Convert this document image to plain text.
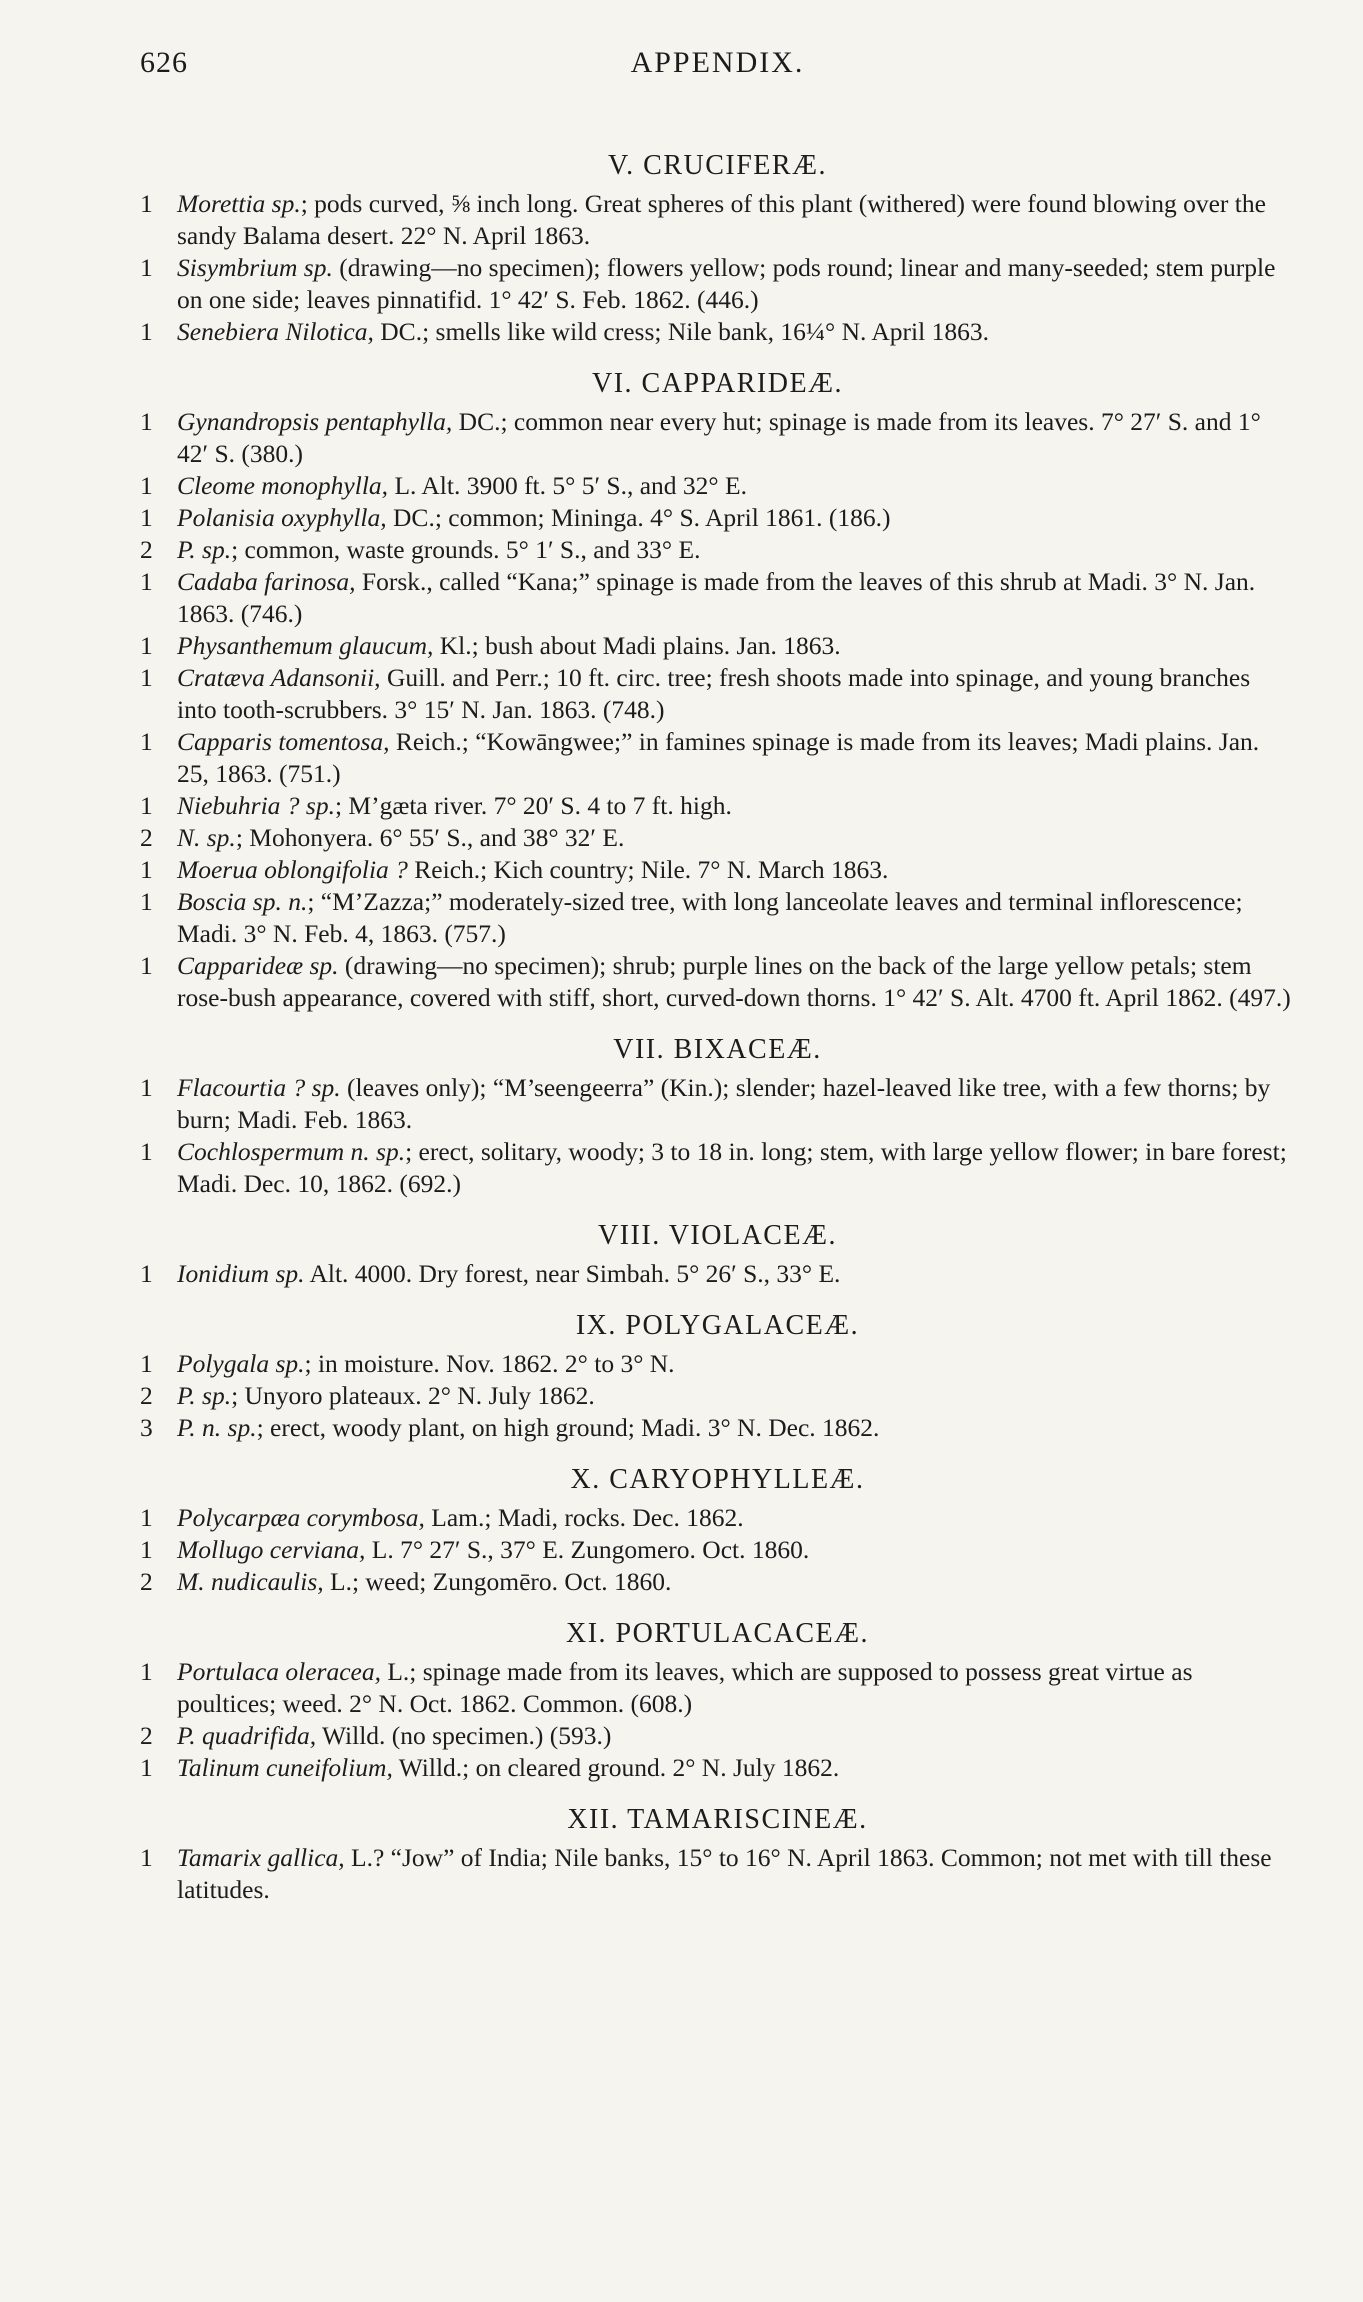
626	APPENDIX.
V. CRUCIFERÆ.

1 Morettia sp.; pods curved, ⅝ inch long. Great spheres of this plant (withered) were found blowing over the sandy Balama desert. 22° N. April 1863.

1 Sisymbrium sp. (drawing—no specimen); flowers yellow; pods round; linear and many-seeded; stem purple on one side; leaves pinnatifid. 1° 42′ S. Feb. 1862. (446.)

1 Senebiera Nilotica, DC.; smells like wild cress; Nile bank, 16¼° N. April 1863.

VI. CAPPARIDEÆ.

1 Gynandropsis pentaphylla, DC.; common near every hut; spinage is made from its leaves. 7° 27′ S. and 1° 42′ S. (380.)

1 Cleome monophylla, L. Alt. 3900 ft. 5° 5′ S., and 32° E.

1 Polanisia oxyphylla, DC.; common; Mininga. 4° S. April 1861. (186.)

2 P. sp.; common, waste grounds. 5° 1′ S., and 33° E.

1 Cadaba farinosa, Forsk., called “Kana;” spinage is made from the leaves of this shrub at Madi. 3° N. Jan. 1863. (746.)

1 Physanthemum glaucum, Kl.; bush about Madi plains. Jan. 1863.

1 Cratæva Adansonii, Guill. and Perr.; 10 ft. circ. tree; fresh shoots made into spinage, and young branches into tooth-scrubbers. 3° 15′ N. Jan. 1863. (748.)

1 Capparis tomentosa, Reich.; “Kowāngwee;” in famines spinage is made from its leaves; Madi plains. Jan. 25, 1863. (751.)

1 Niebuhria ? sp.; M’gæta river. 7° 20′ S. 4 to 7 ft. high.

2 N. sp.; Mohonyera. 6° 55′ S., and 38° 32′ E.

1 Moerua oblongifolia ? Reich.; Kich country; Nile. 7° N. March 1863.

1 Boscia sp. n.; “M’Zazza;” moderately-sized tree, with long lanceolate leaves and terminal inflorescence; Madi. 3° N. Feb. 4, 1863. (757.)

1 Capparideæ sp. (drawing—no specimen); shrub; purple lines on the back of the large yellow petals; stem rose-bush appearance, covered with stiff, short, curved-down thorns. 1° 42′ S. Alt. 4700 ft. April 1862. (497.)

VII. BIXACEÆ.

1 Flacourtia ? sp. (leaves only); “M’seengeerra” (Kin.); slender; hazel-leaved like tree, with a few thorns; by burn; Madi. Feb. 1863.

1 Cochlospermum n. sp.; erect, solitary, woody; 3 to 18 in. long; stem, with large yellow flower; in bare forest; Madi. Dec. 10, 1862. (692.)

VIII. VIOLACEÆ.

1 Ionidium sp. Alt. 4000. Dry forest, near Simbah. 5° 26′ S., 33° E.

IX. POLYGALACEÆ.

1 Polygala sp.; in moisture. Nov. 1862. 2° to 3° N.

2 P. sp.; Unyoro plateaux. 2° N. July 1862.

3 P. n. sp.; erect, woody plant, on high ground; Madi. 3° N. Dec. 1862.

X. CARYOPHYLLEÆ.

1 Polycarpæa corymbosa, Lam.; Madi, rocks. Dec. 1862.

1 Mollugo cerviana, L. 7° 27′ S., 37° E. Zungomero. Oct. 1860.

2 M. nudicaulis, L.; weed; Zungomēro. Oct. 1860.

XI. PORTULACACEÆ.

1 Portulaca oleracea, L.; spinage made from its leaves, which are supposed to possess great virtue as poultices; weed. 2° N. Oct. 1862. Common. (608.)

2 P. quadrifida, Willd. (no specimen.) (593.)

1 Talinum cuneifolium, Willd.; on cleared ground. 2° N. July 1862.

XII. TAMARISCINEÆ.

1 Tamarix gallica, L.? “Jow” of India; Nile banks, 15° to 16° N. April 1863. Common; not met with till these latitudes.
